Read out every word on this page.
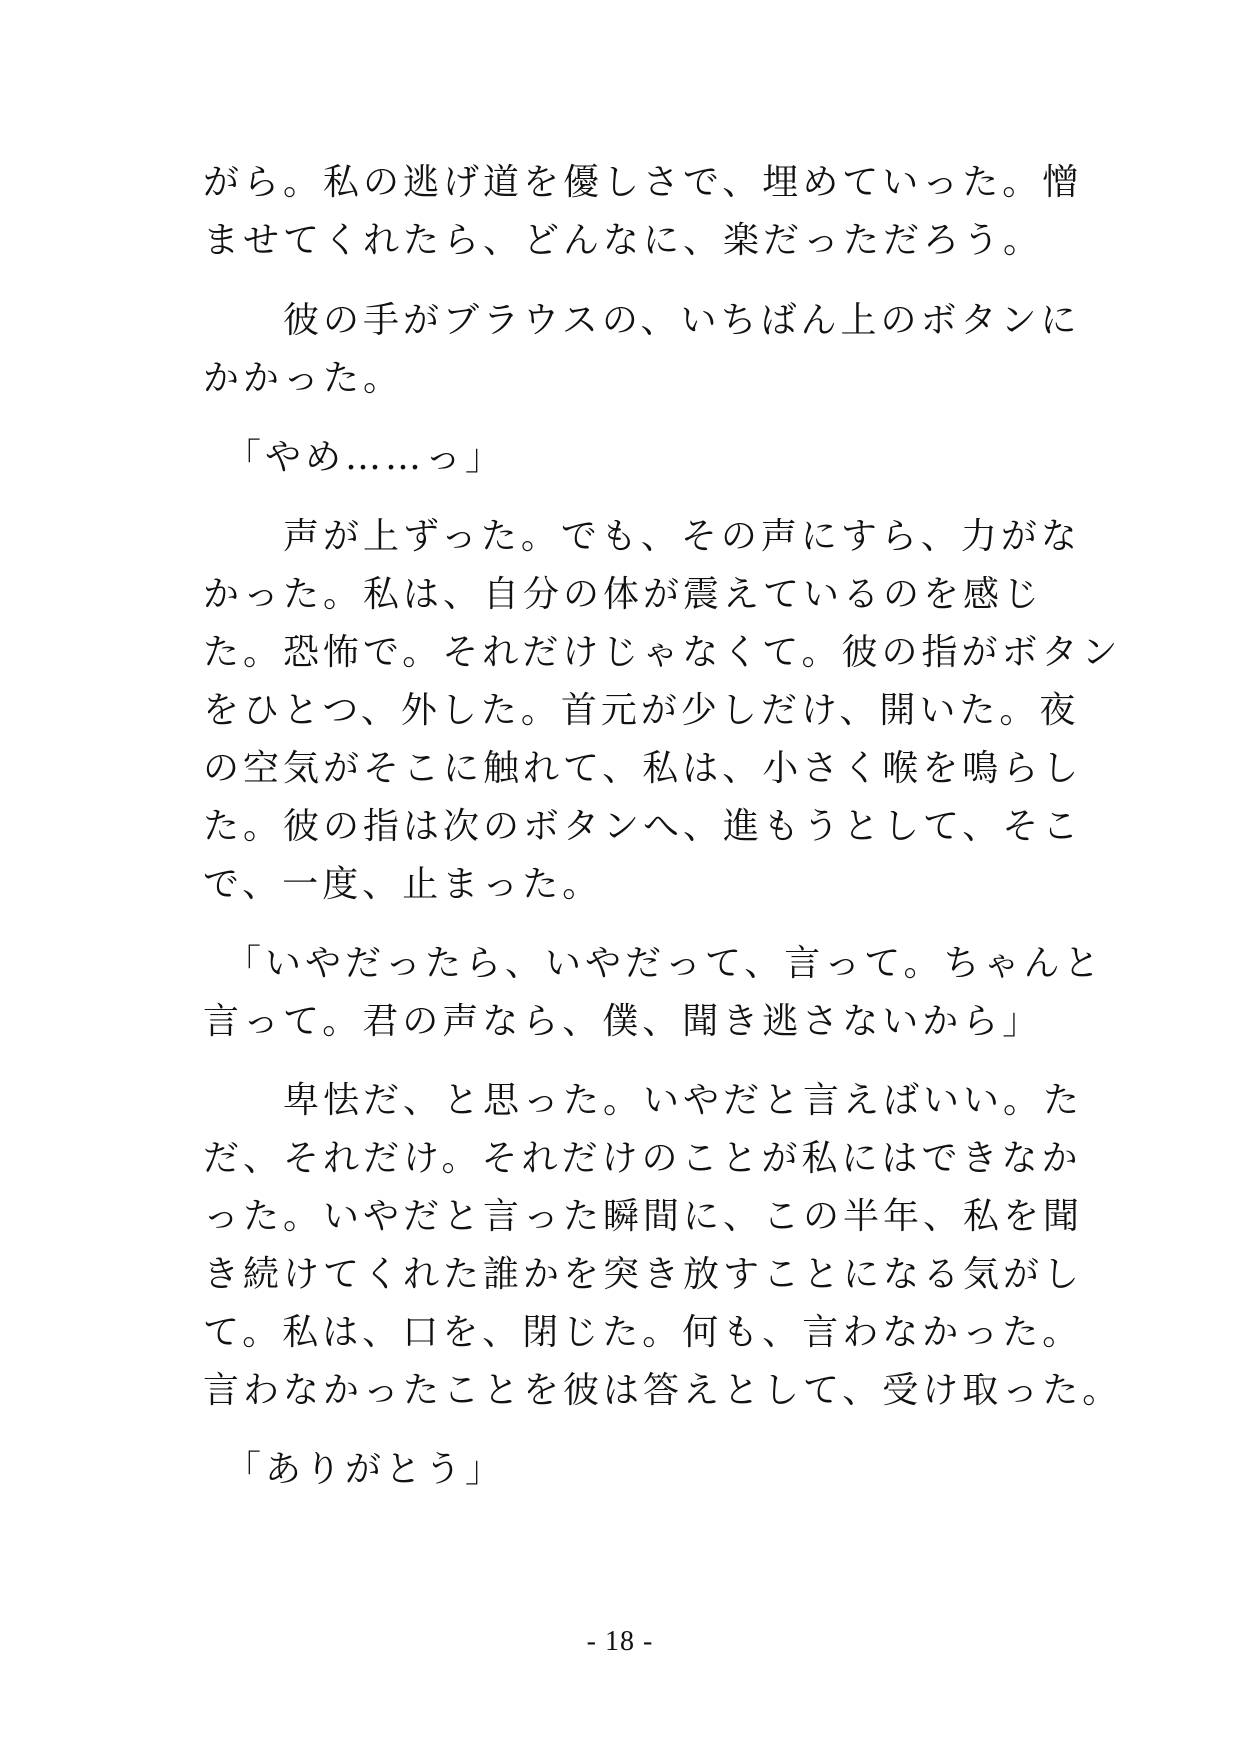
がら。私の逃げ道を優しさで、埋めていった。憎
ませてくれたら、どんなに、楽だっただろう。
　　彼の手がブラウスの、いちばん上のボタンに
かかった。
　「やめ……っ」
　　声が上ずった。でも、その声にすら、力がな
かった。私は、自分の体が震えているのを感じ
た。恐怖で。それだけじゃなくて。彼の指がボタン
をひとつ、外した。首元が少しだけ、開いた。夜
の空気がそこに触れて、私は、小さく喉を鳴らし
た。彼の指は次のボタンへ、進もうとして、そこ
で、一度、止まった。
　「いやだったら、いやだって、言って。ちゃんと
言って。君の声なら、僕、聞き逃さないから」
　　卑怯だ、と思った。いやだと言えばいい。た
だ、それだけ。それだけのことが私にはできなか
った。いやだと言った瞬間に、この半年、私を聞
き続けてくれた誰かを突き放すことになる気がし
て。私は、口を、閉じた。何も、言わなかった。
言わなかったことを彼は答えとして、受け取った。
　「ありがとう」
- 18 -
